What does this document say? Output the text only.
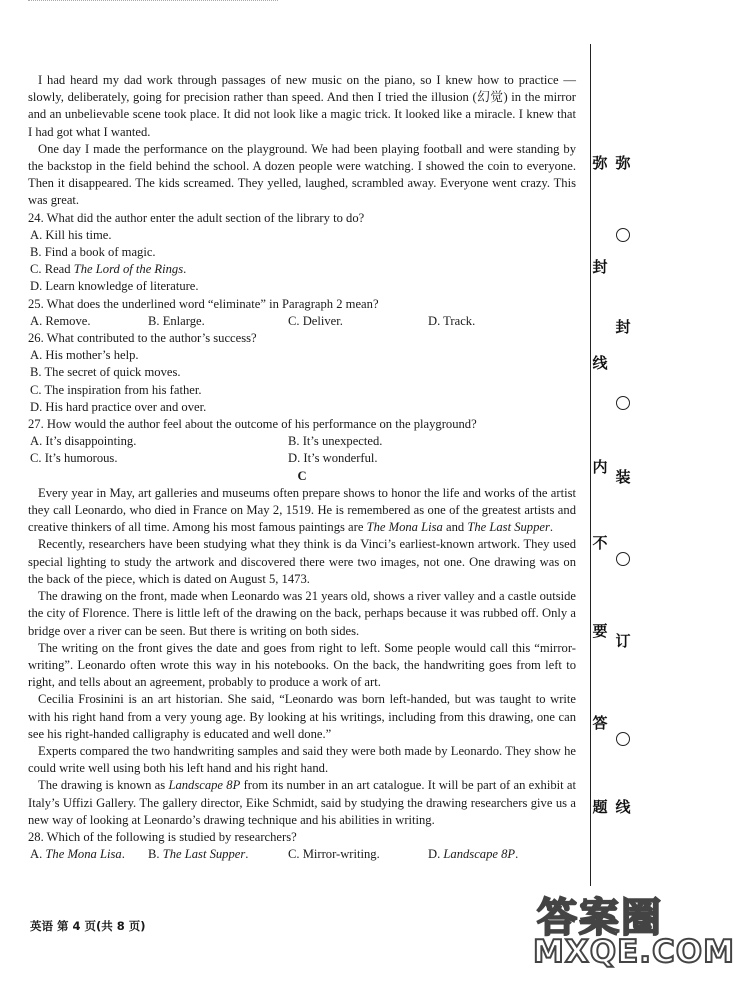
I had heard my dad work through passages of new music on the piano, so I knew how to practice — slowly, deliberately, going for precision rather than speed. And then I tried the illusion (幻觉) in the mirror and an unbelievable scene took place. It did not look like a magic trick. It looked like a miracle. I knew that I had got what I wanted.

One day I made the performance on the playground. We had been playing football and were standing by the backstop in the field behind the school. A dozen people were watching. I showed the coin to everyone. Then it disappeared. The kids screamed. They yelled, laughed, scrambled away. Everyone went crazy. This was great.

24. What did the author enter the adult section of the library to do?

A. Kill his time.

B. Find a book of magic.

C. Read The Lord of the Rings.

D. Learn knowledge of literature.

25. What does the underlined word “eliminate” in Paragraph 2 mean?

A. Remove.	B. Enlarge.	C. Deliver.	D. Track.

26. What contributed to the author’s success?

A. His mother’s help.

B. The secret of quick moves.

C. The inspiration from his father.

D. His hard practice over and over.

27. How would the author feel about the outcome of his performance on the playground?

A. It’s disappointing.	B. It’s unexpected.
C. It’s humorous.	D. It’s wonderful.

C

Every year in May, art galleries and museums often prepare shows to honor the life and works of the artist they call Leonardo, who died in France on May 2, 1519. He is remembered as one of the greatest artists and creative thinkers of all time. Among his most famous paintings are The Mona Lisa and The Last Supper.

Recently, researchers have been studying what they think is da Vinci’s earliest-known artwork. They used special lighting to study the artwork and discovered there were two images, not one. One drawing was on the back of the piece, which is dated on August 5, 1473.

The drawing on the front, made when Leonardo was 21 years old, shows a river valley and a castle outside the city of Florence. There is little left of the drawing on the back, perhaps because it was rubbed off. Only a bridge over a river can be seen. But there is writing on both sides.

The writing on the front gives the date and goes from right to left. Some people would call this “mirror-writing”. Leonardo often wrote this way in his notebooks. On the back, the handwriting goes from left to right, and tells about an agreement, probably to produce a work of art.

Cecilia Frosinini is an art historian. She said, “Leonardo was born left-handed, but was taught to write with his right hand from a very young age. By looking at his writings, including from this drawing, one can see his right-handed calligraphy is educated and well done.”

Experts compared the two handwriting samples and said they were both made by Leonardo. They show he could write well using both his left hand and his right hand.

The drawing is known as Landscape 8P from its number in an art catalogue. It will be part of an exhibit at Italy’s Uffizi Gallery. The gallery director, Eike Schmidt, said by studying the drawing researchers give us a new way of looking at Leonardo’s drawing technique and his abilities in writing.

28. Which of the following is studied by researchers?

A. The Mona Lisa.	B. The Last Supper.	C. Mirror-writing.	D. Landscape 8P.
弥
封
线
内
不
要
答
题
弥
封
装
订
线
英语 第 4 页(共 8 页)	答案圈
MXQE.COM
